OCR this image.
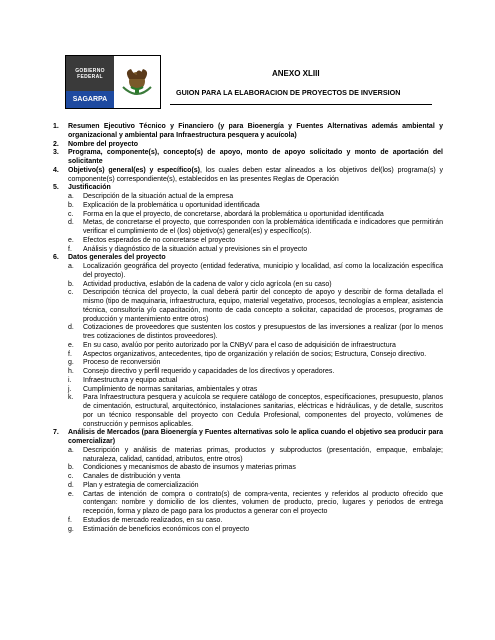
GOBIERNO
FEDERAL
SAGARPA
ANEXO XLIII
GUION PARA LA ELABORACION DE PROYECTOS DE INVERSION
1.	Resumen Ejecutivo Técnico y Financiero (y para Bioenergía y Fuentes Alternativas además ambiental y organizacional y ambiental para Infraestructura pesquera y acuícola)
2.	Nombre del proyecto
3.	Programa, componente(s), concepto(s) de apoyo, monto de apoyo solicitado y monto de aportación del solicitante
4.	Objetivo(s) general(es) y específico(s), los cuales deben estar alineados a los objetivos del(los) programa(s) y componente(s) correspondiente(s), establecidos en las presentes Reglas de Operación
5.	Justificación
a.	Descripción de la situación actual de la empresa
b.	Explicación de la problemática u oportunidad identificada
c.	Forma en la que el proyecto, de concretarse, abordará la problemática u oportunidad identificada
d.	Metas, de concretarse el proyecto, que corresponden con la problemática identificada e indicadores que permitirán verificar el cumplimiento de el (los) objetivo(s) general(es) y específico(s).
e.	Efectos esperados de no concretarse el proyecto
f.	Análisis y diagnóstico de la situación actual y previsiones sin el proyecto
6.	Datos generales del proyecto
a.	Localización geográfica del proyecto (entidad federativa, municipio y localidad, así como la localización específica del proyecto).
b.	Actividad productiva, eslabón de la cadena de valor y ciclo agrícola (en su caso)
c.	Descripción técnica del proyecto, la cual deberá partir del concepto de apoyo y describir de forma detallada el mismo (tipo de maquinaria, infraestructura, equipo, material vegetativo, procesos, tecnologías a emplear, asistencia técnica, consultoría y/o capacitación, monto de cada concepto a solicitar, capacidad de procesos, programas de producción y mantenimiento entre otros)
d.	Cotizaciones de proveedores que sustenten los costos y presupuestos de las inversiones a realizar (por lo menos tres cotizaciones de distintos proveedores).
e.	En su caso, avalúo por perito autorizado por la CNByV para el caso de adquisición de infraestructura
f.	Aspectos organizativos, antecedentes, tipo de organización y relación de socios; Estructura, Consejo directivo.
g.	Proceso de reconversión
h.	Consejo directivo y perfil requerido y capacidades de los directivos y operadores.
i.	Infraestructura y equipo actual
j.	Cumplimiento de normas sanitarias, ambientales y otras
k.	Para Infraestructura pesquera y acuícola se requiere catálogo de conceptos, especificaciones, presupuesto, planos de cimentación, estructural, arquitectónico, instalaciones sanitarias, eléctricas e hidráulicas, y de detalle, suscritos por un técnico responsable del proyecto con Cedula Profesional, componentes del proyecto, volúmenes de construcción y permisos aplicables.
7.	Análisis de Mercados (para Bioenergía y Fuentes alternativas solo le aplica cuando el objetivo sea producir para comercializar)
a.	Descripción y análisis de materias primas, productos y subproductos (presentación, empaque, embalaje; naturaleza, calidad, cantidad, atributos, entre otros)
b.	Condiciones y mecanismos de abasto de insumos y materias primas
c.	Canales de distribución y venta
d.	Plan y estrategia de comercialización
e.	Cartas de intención de compra o contrato(s) de compra-venta, recientes y referidos al producto ofrecido que contengan: nombre y domicilio de los clientes, volumen de producto, precio, lugares y periodos de entrega recepción, forma y plazo de pago para los productos a generar con el proyecto
f.	Estudios de mercado realizados, en su caso.
g.	Estimación de beneficios económicos con el proyecto
